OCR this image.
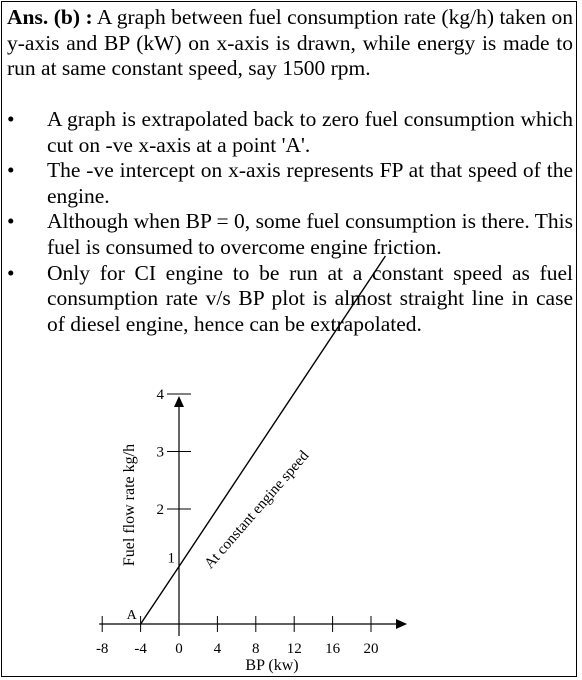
Ans. (b) : A graph between fuel consumption rate (kg/h) taken on y-axis and BP (kW) on x-axis is drawn, while energy is made to run at same constant speed, say 1500 rpm.

• A graph is extrapolated back to zero fuel consumption which cut on -ve x-axis at a point 'A'.
• The -ve intercept on x-axis represents FP at that speed of the engine.
• Although when BP = 0, some fuel consumption is there. This fuel is consumed to overcome engine friction.
• Only for CI engine to be run at a constant speed as fuel consumption rate v/s BP plot is almost straight line in case of diesel engine, hence can be extrapolated.
-8 -4 0 4 8 12 16 20
1
2
3
4
At constant engine speed
A
BP (kw)
Fuel flow rate kg/h
